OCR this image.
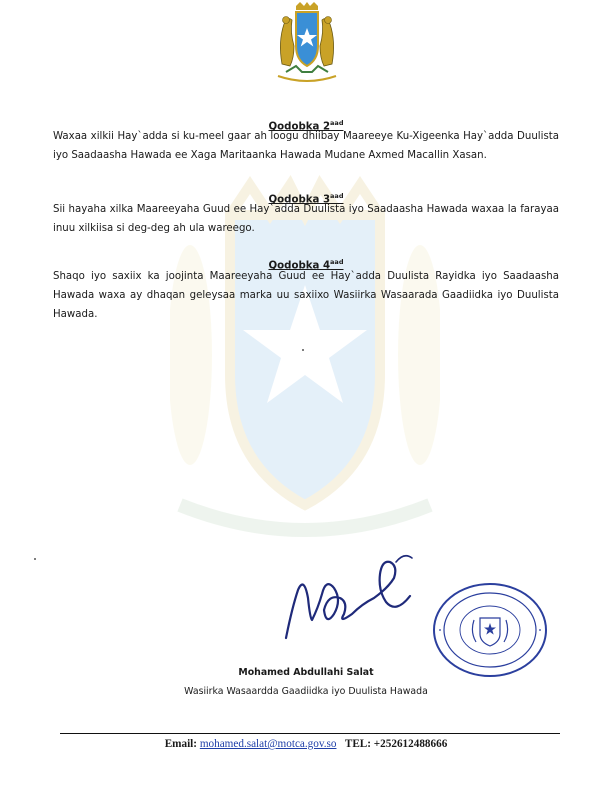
Qodobka $2^{aad}$
Waxaa xilkii Hay`adda si ku-meel gaar ah loogu dhiibay Maareeye Ku-Xigeenka Hay`adda Duulista iyo Saadaasha Hawada ee Xaga Maritaanka Hawada Mudane Axmed Macallin Xasan.
Qodobka $3^{aad}$
Sii hayaha xilka Maareeyaha Guud ee Hay`adda Duulista iyo Saadaasha Hawada waxaa la farayaa inuu xilkiisa si deg-deg ah ula wareego.
Qodobka $4^{aad}$
Shaqo iyo saxiix ka joojinta Maareeyaha Guud ee Hay`adda Duulista Rayidka iyo Saadaasha Hawada waxa ay dhaqan geleysaa marka uu saxiixo Wasiirka Wasaarada Gaadiidka iyo Duulista Hawada.
Mohamed Abdullahi Salat
Wasiirka Wasaardda Gaadiidka iyo Duulista Hawada
Email: mohamed.salat@motca.gov.so TEL: +252612488666
